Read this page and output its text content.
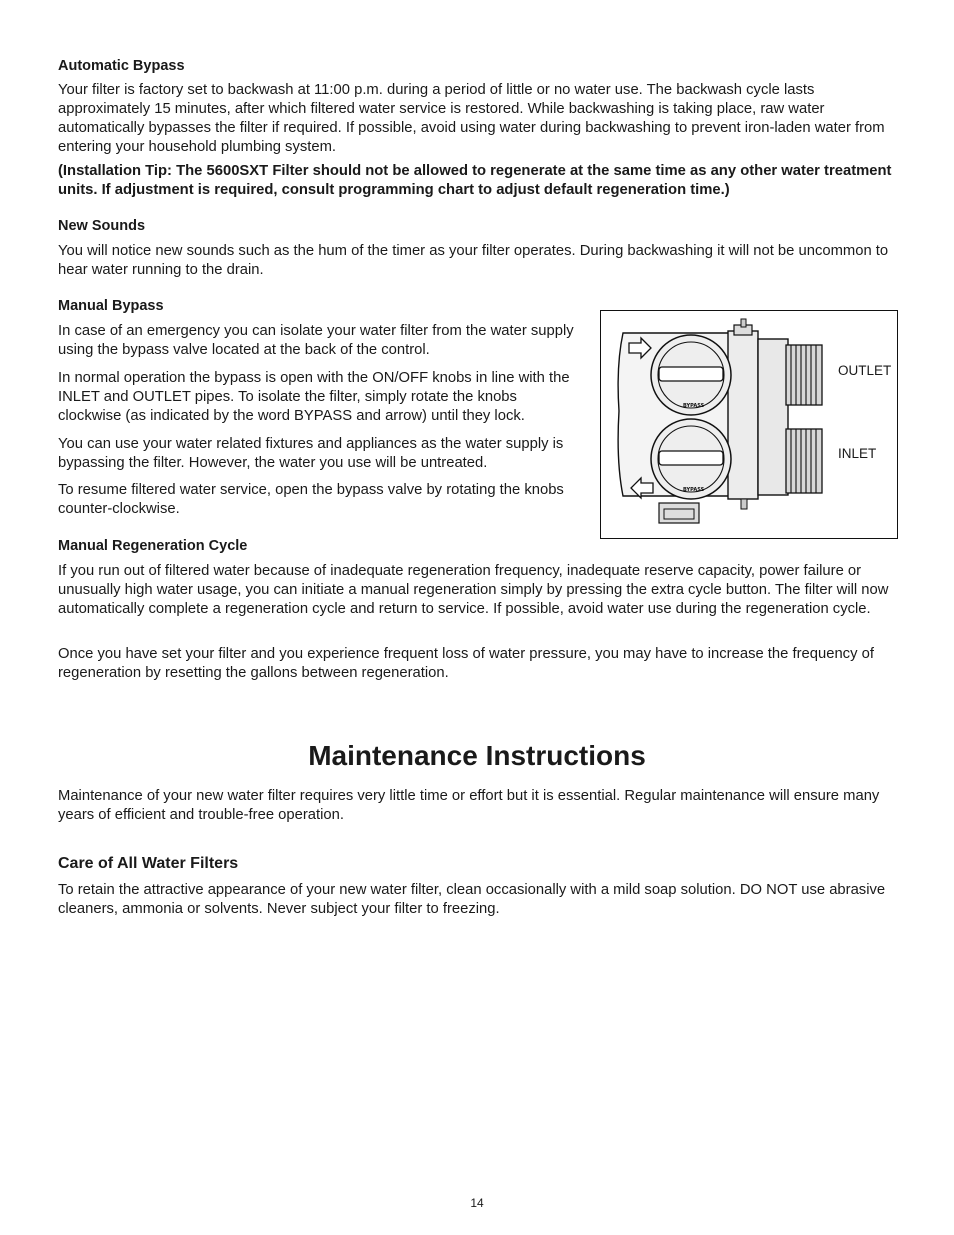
Automatic Bypass

Your filter is factory set to backwash at 11:00 p.m. during a period of little or no water use. The backwash cycle lasts approximately 15 minutes, after which filtered water service is restored. While backwashing is taking place, raw water automatically bypasses the filter if required. If possible, avoid using water during backwashing to prevent iron-laden water from entering your household plumbing system.

(Installation Tip: The 5600SXT Filter should not be allowed to regenerate at the same time as any other water treatment units. If adjustment is required, consult programming chart to adjust default regeneration time.)

New Sounds

You will notice new sounds such as the hum of the timer as your filter operates. During backwashing it will not be uncommon to hear water running to the drain.

Manual Bypass

In case of an emergency you can isolate your water filter from the water supply using the bypass valve located at the back of the control.

In normal operation the bypass is open with the ON/OFF knobs in line with the INLET and OUTLET pipes. To isolate the filter, simply rotate the knobs clockwise (as indicated by the word BYPASS and arrow) until they lock.

You can use your water related fixtures and appliances as the water supply is bypassing the filter. However, the water you use will be untreated.

To resume filtered water service, open the bypass valve by rotating the knobs counter-clockwise.

BYPASS
BYPASS
OUTLET
INLET
Manual Regeneration Cycle

If you run out of filtered water because of inadequate regeneration frequency, inadequate reserve capacity, power failure or unusually high water usage, you can initiate a manual regeneration simply by pressing the extra cycle button. The filter will now automatically complete a regeneration cycle and return to service. If possible, avoid water use during the regeneration cycle.

Once you have set your filter and you experience frequent loss of water pressure, you may have to increase the frequency of regeneration by resetting the gallons between regeneration.

Maintenance Instructions

Maintenance of your new water filter requires very little time or effort but it is essential. Regular maintenance will ensure many years of efficient and trouble-free operation.

Care of All Water Filters

To retain the attractive appearance of your new water filter, clean occasionally with a mild soap solution. DO NOT use abrasive cleaners, ammonia or solvents. Never subject your filter to freezing.

14
